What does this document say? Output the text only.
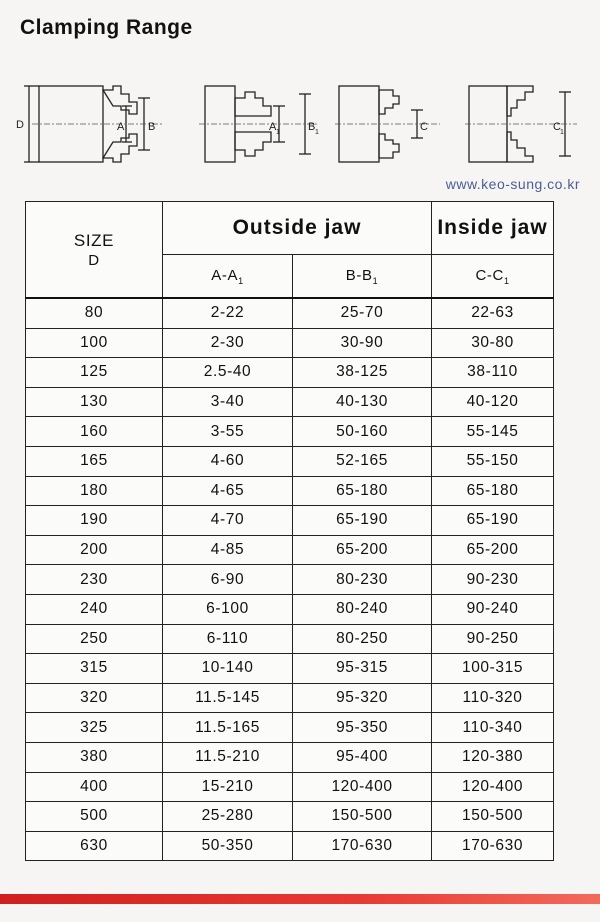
Clamping Range
D	A B	A 1	B 1	C	C 1
www.keo-sung.co.kr
SIZE
D	Outside jaw		Inside jaw
	$A-A_1$	$B-B_1$	$C-C_1$
80	2-22	25-70	22-63
100	2-30	30-90	30-80
125	2.5-40	38-125	38-110
130	3-40	40-130	40-120
160	3-55	50-160	55-145
165	4-60	52-165	55-150
180	4-65	65-180	65-180
190	4-70	65-190	65-190
200	4-85	65-200	65-200
230	6-90	80-230	90-230
240	6-100	80-240	90-240
250	6-110	80-250	90-250
315	10-140	95-315	100-315
320	11.5-145	95-320	110-320
325	11.5-165	95-350	110-340
380	11.5-210	95-400	120-380
400	15-210	120-400	120-400
500	25-280	150-500	150-500
630	50-350	170-630	170-630
